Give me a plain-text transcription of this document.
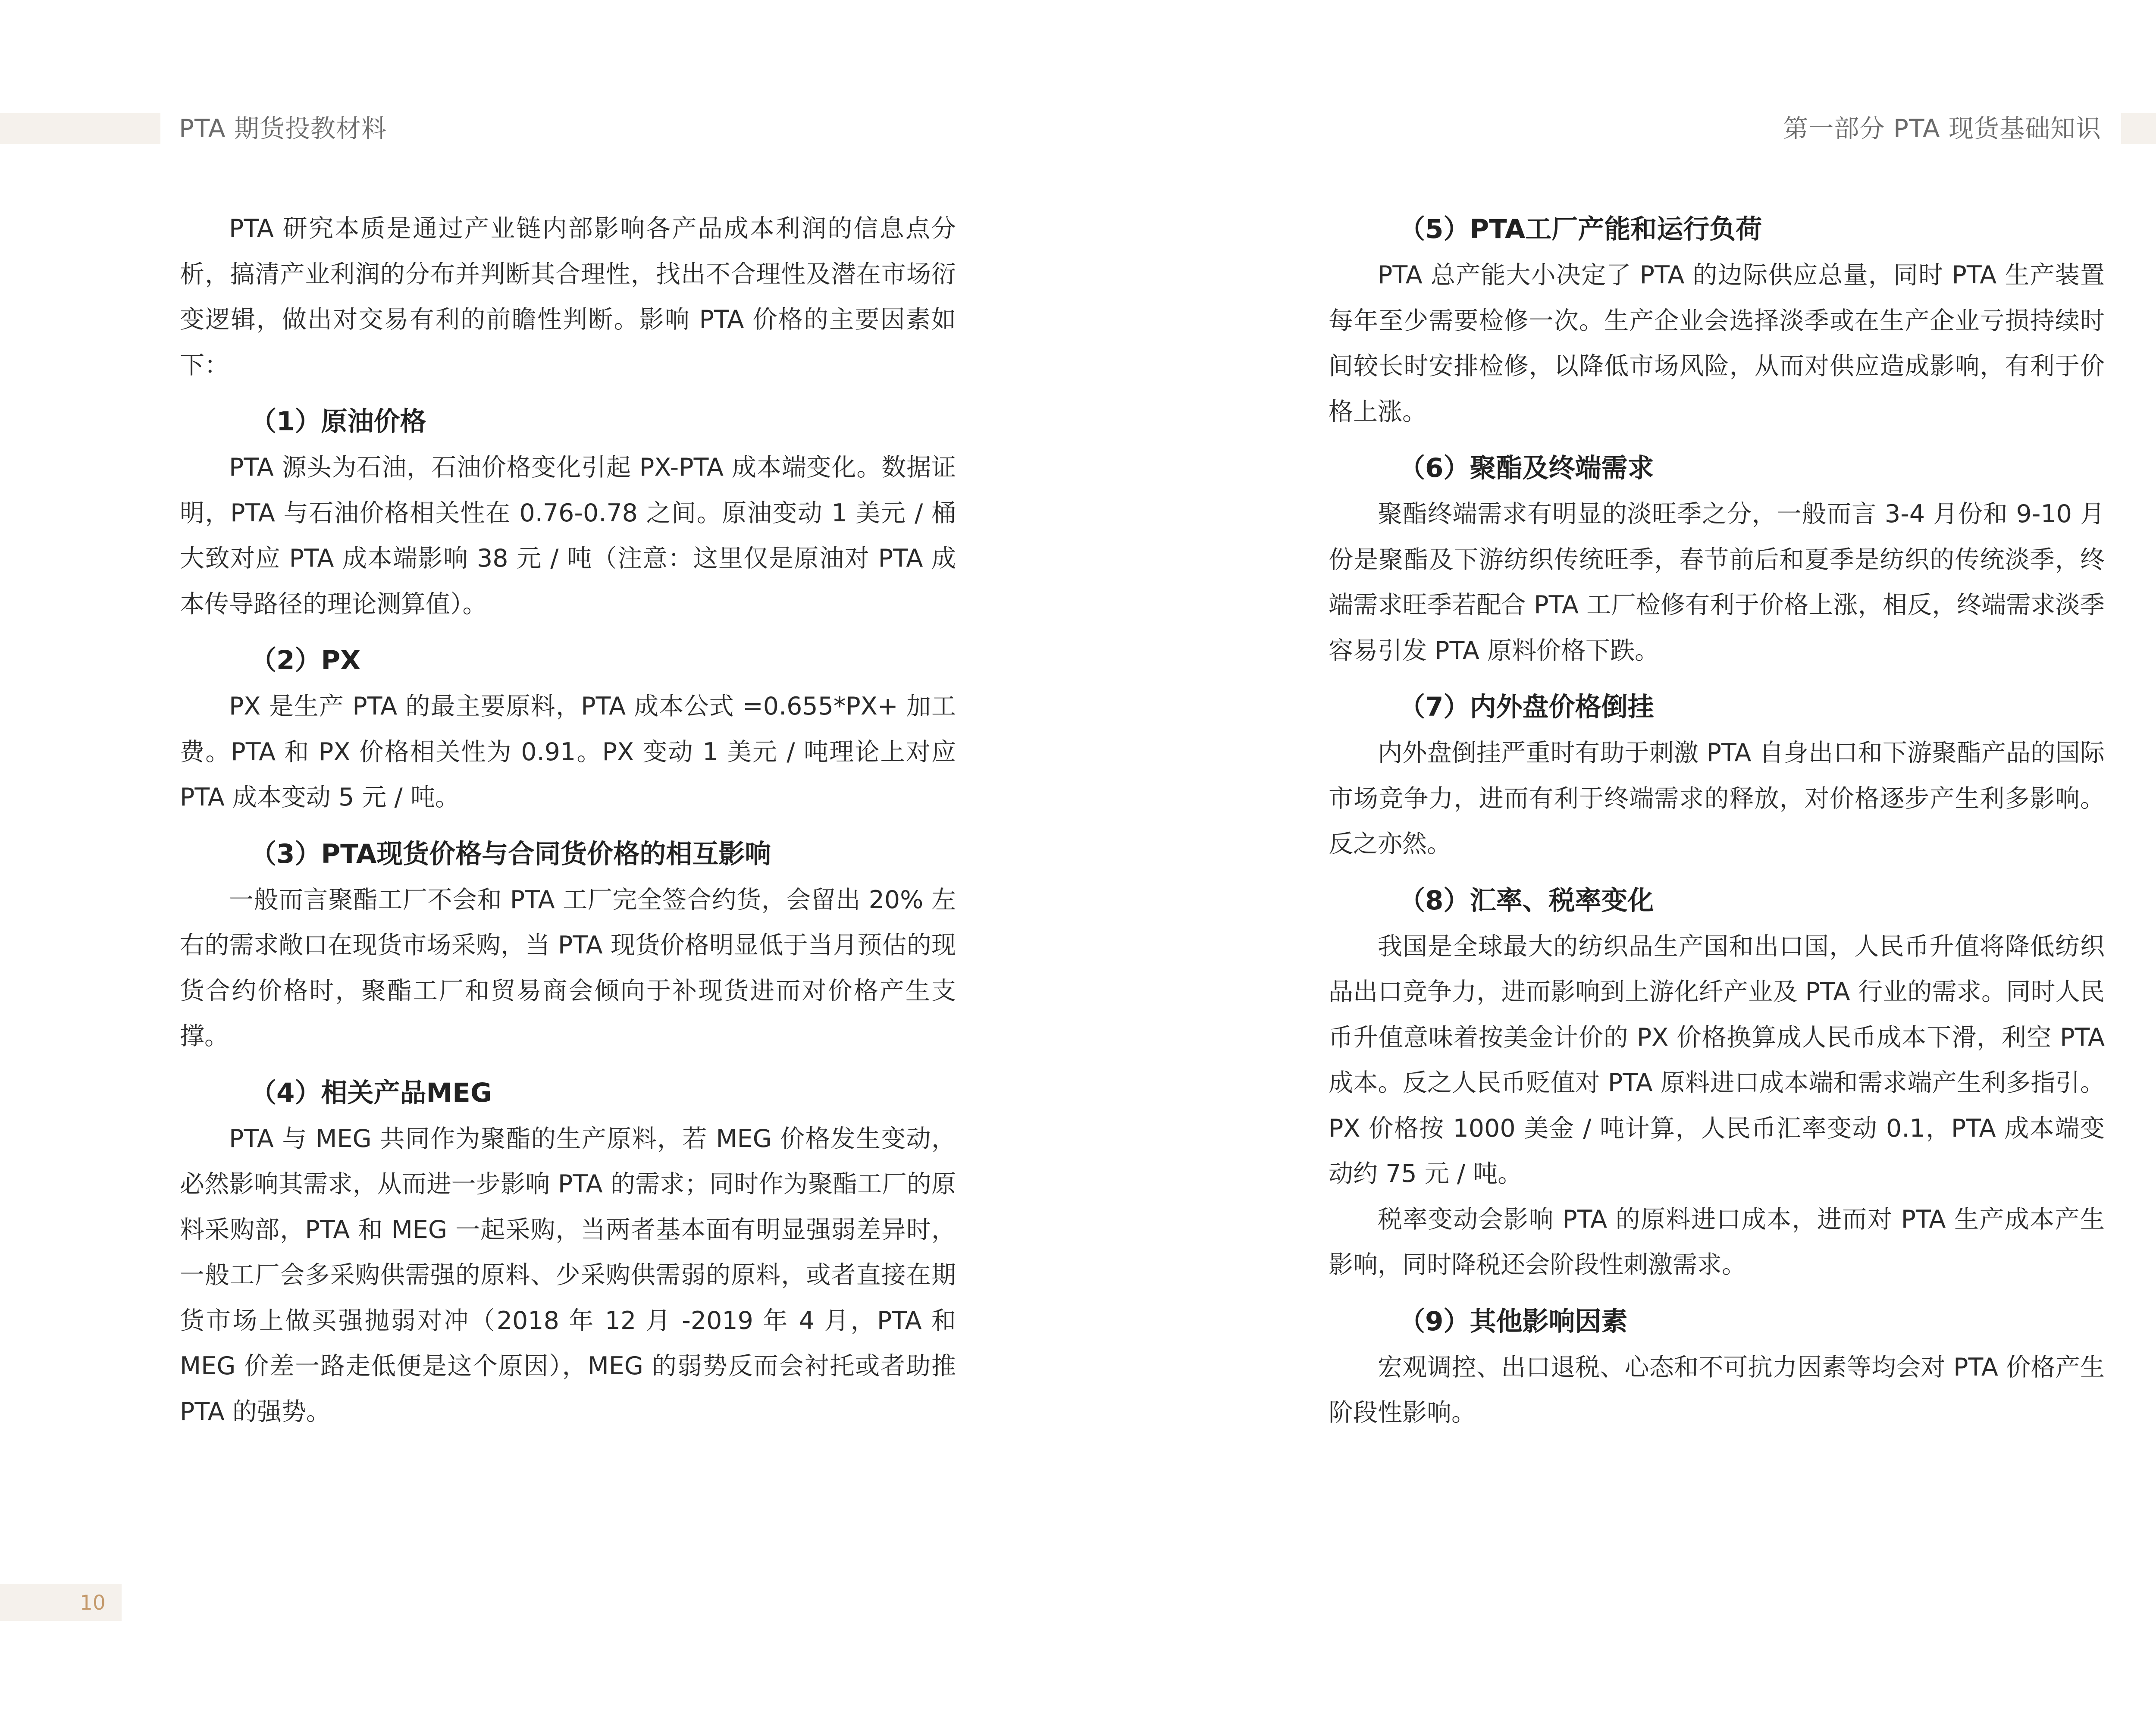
PTA 期货投教材料

PTA 研究本质是通过产业链内部影响各产品成本利润的信息点分析，搞清产业利润的分布并判断其合理性，找出不合理性及潜在市场衍变逻辑，做出对交易有利的前瞻性判断。影响 PTA 价格的主要因素如下：

（1）原油价格

PTA 源头为石油，石油价格变化引起 PX-PTA 成本端变化。数据证明，PTA 与石油价格相关性在 0.76-0.78 之间。原油变动 1 美元 / 桶大致对应 PTA 成本端影响 38 元 / 吨（注意：这里仅是原油对 PTA 成本传导路径的理论测算值）。

（2）PX

PX 是生产 PTA 的最主要原料，PTA 成本公式 =0.655*PX+ 加工费。PTA 和 PX 价格相关性为 0.91。PX 变动 1 美元 / 吨理论上对应 PTA 成本变动 5 元 / 吨。

（3）PTA现货价格与合同货价格的相互影响

一般而言聚酯工厂不会和 PTA 工厂完全签合约货，会留出 20% 左右的需求敞口在现货市场采购，当 PTA 现货价格明显低于当月预估的现货合约价格时，聚酯工厂和贸易商会倾向于补现货进而对价格产生支撑。

（4）相关产品MEG

PTA 与 MEG 共同作为聚酯的生产原料，若 MEG 价格发生变动，必然影响其需求，从而进一步影响 PTA 的需求；同时作为聚酯工厂的原料采购部，PTA 和 MEG 一起采购，当两者基本面有明显强弱差异时，一般工厂会多采购供需强的原料、少采购供需弱的原料，或者直接在期货市场上做买强抛弱对冲（2018 年 12 月 -2019 年 4 月，PTA 和 MEG 价差一路走低便是这个原因），MEG 的弱势反而会衬托或者助推 PTA 的强势。

10
第一部分 PTA 现货基础知识

（5）PTA工厂产能和运行负荷

PTA 总产能大小决定了 PTA 的边际供应总量，同时 PTA 生产装置每年至少需要检修一次。生产企业会选择淡季或在生产企业亏损持续时间较长时安排检修，以降低市场风险，从而对供应造成影响，有利于价格上涨。

（6）聚酯及终端需求

聚酯终端需求有明显的淡旺季之分，一般而言 3-4 月份和 9-10 月份是聚酯及下游纺织传统旺季，春节前后和夏季是纺织的传统淡季，终端需求旺季若配合 PTA 工厂检修有利于价格上涨，相反，终端需求淡季容易引发 PTA 原料价格下跌。

（7）内外盘价格倒挂

内外盘倒挂严重时有助于刺激 PTA 自身出口和下游聚酯产品的国际市场竞争力，进而有利于终端需求的释放，对价格逐步产生利多影响。反之亦然。

（8）汇率、税率变化

我国是全球最大的纺织品生产国和出口国，人民币升值将降低纺织品出口竞争力，进而影响到上游化纤产业及 PTA 行业的需求。同时人民币升值意味着按美金计价的 PX 价格换算成人民币成本下滑，利空 PTA 成本。反之人民币贬值对 PTA 原料进口成本端和需求端产生利多指引。PX 价格按 1000 美金 / 吨计算，人民币汇率变动 0.1，PTA 成本端变动约 75 元 / 吨。

税率变动会影响 PTA 的原料进口成本，进而对 PTA 生产成本产生影响，同时降税还会阶段性刺激需求。

（9）其他影响因素

宏观调控、出口退税、心态和不可抗力因素等均会对 PTA 价格产生阶段性影响。
